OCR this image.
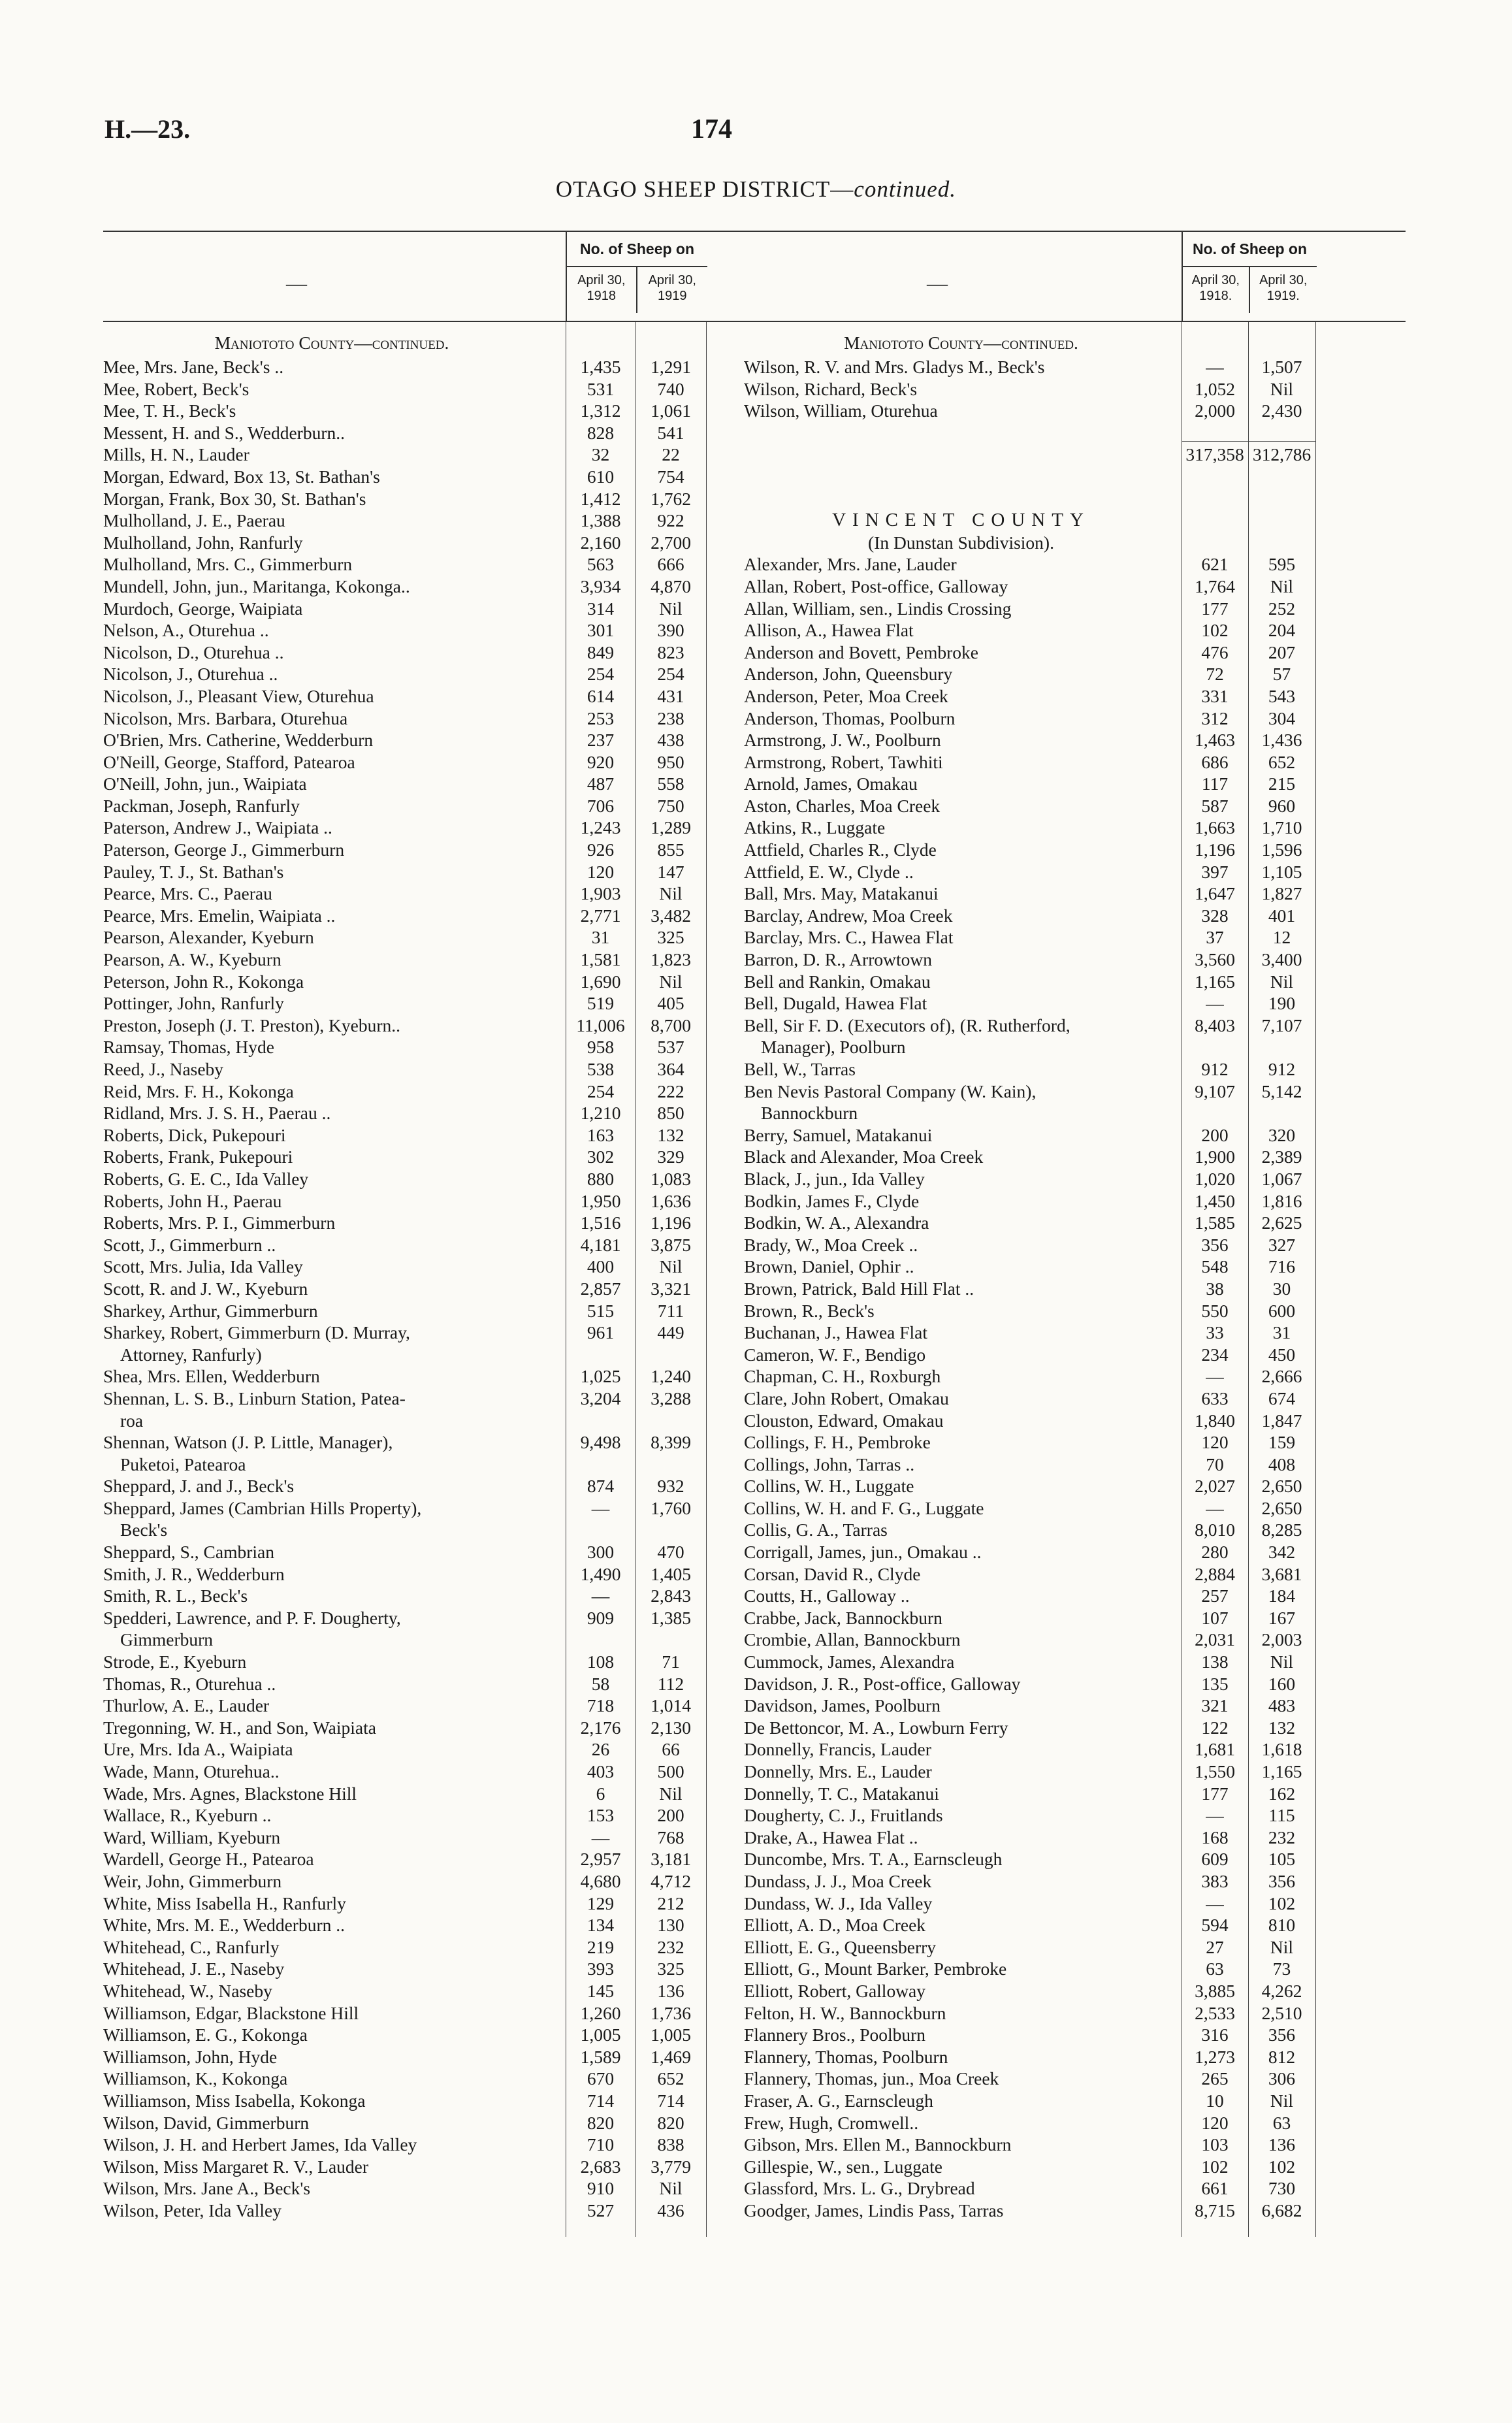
H.—23.	174
OTAGO SHEEP DISTRICT—continued.
—
No. of Sheep on
April 30, 1918
April 30, 1919
Maniototo County—continued.
Mee, Mrs. Jane, Beck's ..	1,435	1,291
Mee, Robert, Beck's	531	740
Mee, T. H., Beck's	1,312	1,061
Messent, H. and S., Wedderburn..	828	541
Mills, H. N., Lauder	32	22
Morgan, Edward, Box 13, St. Bathan's	610	754
Morgan, Frank, Box 30, St. Bathan's	1,412	1,762
Mulholland, J. E., Paerau	1,388	922
Mulholland, John, Ranfurly	2,160	2,700
Mulholland, Mrs. C., Gimmerburn	563	666
Mundell, John, jun., Maritanga, Kokonga..	3,934	4,870
Murdoch, George, Waipiata	314	Nil
Nelson, A., Oturehua ..	301	390
Nicolson, D., Oturehua ..	849	823
Nicolson, J., Oturehua ..	254	254
Nicolson, J., Pleasant View, Oturehua	614	431
Nicolson, Mrs. Barbara, Oturehua	253	238
O'Brien, Mrs. Catherine, Wedderburn	237	438
O'Neill, George, Stafford, Patearoa	920	950
O'Neill, John, jun., Waipiata	487	558
Packman, Joseph, Ranfurly	706	750
Paterson, Andrew J., Waipiata ..	1,243	1,289
Paterson, George J., Gimmerburn	926	855
Pauley, T. J., St. Bathan's	120	147
Pearce, Mrs. C., Paerau	1,903	Nil
Pearce, Mrs. Emelin, Waipiata ..	2,771	3,482
Pearson, Alexander, Kyeburn	31	325
Pearson, A. W., Kyeburn	1,581	1,823
Peterson, John R., Kokonga	1,690	Nil
Pottinger, John, Ranfurly	519	405
Preston, Joseph (J. T. Preston), Kyeburn..	11,006	8,700
Ramsay, Thomas, Hyde	958	537
Reed, J., Naseby	538	364
Reid, Mrs. F. H., Kokonga	254	222
Ridland, Mrs. J. S. H., Paerau ..	1,210	850
Roberts, Dick, Pukepouri	163	132
Roberts, Frank, Pukepouri	302	329
Roberts, G. E. C., Ida Valley	880	1,083
Roberts, John H., Paerau	1,950	1,636
Roberts, Mrs. P. I., Gimmerburn	1,516	1,196
Scott, J., Gimmerburn ..	4,181	3,875
Scott, Mrs. Julia, Ida Valley	400	Nil
Scott, R. and J. W., Kyeburn	2,857	3,321
Sharkey, Arthur, Gimmerburn	515	711
Sharkey, Robert, Gimmerburn (D. Murray,	961	449
Attorney, Ranfurly)
Shea, Mrs. Ellen, Wedderburn	1,025	1,240
Shennan, L. S. B., Linburn Station, Patea-	3,204	3,288
roa
Shennan, Watson (J. P. Little, Manager),	9,498	8,399
Puketoi, Patearoa
Sheppard, J. and J., Beck's	874	932
Sheppard, James (Cambrian Hills Property),	—	1,760
Beck's
Sheppard, S., Cambrian	300	470
Smith, J. R., Wedderburn	1,490	1,405
Smith, R. L., Beck's	—	2,843
Spedderi, Lawrence, and P. F. Dougherty,	909	1,385
Gimmerburn
Strode, E., Kyeburn	108	71
Thomas, R., Oturehua ..	58	112
Thurlow, A. E., Lauder	718	1,014
Tregonning, W. H., and Son, Waipiata	2,176	2,130
Ure, Mrs. Ida A., Waipiata	26	66
Wade, Mann, Oturehua..	403	500
Wade, Mrs. Agnes, Blackstone Hill	6	Nil
Wallace, R., Kyeburn ..	153	200
Ward, William, Kyeburn	—	768
Wardell, George H., Patearoa	2,957	3,181
Weir, John, Gimmerburn	4,680	4,712
White, Miss Isabella H., Ranfurly	129	212
White, Mrs. M. E., Wedderburn ..	134	130
Whitehead, C., Ranfurly	219	232
Whitehead, J. E., Naseby	393	325
Whitehead, W., Naseby	145	136
Williamson, Edgar, Blackstone Hill	1,260	1,736
Williamson, E. G., Kokonga	1,005	1,005
Williamson, John, Hyde	1,589	1,469
Williamson, K., Kokonga	670	652
Williamson, Miss Isabella, Kokonga	714	714
Wilson, David, Gimmerburn	820	820
Wilson, J. H. and Herbert James, Ida Valley	710	838
Wilson, Miss Margaret R. V., Lauder	2,683	3,779
Wilson, Mrs. Jane A., Beck's	910	Nil
Wilson, Peter, Ida Valley	527	436
—
No. of Sheep on
April 30, 1918.
April 30, 1919.
Maniototo County—continued.
Wilson, R. V. and Mrs. Gladys M., Beck's	—	1,507
Wilson, Richard, Beck's	1,052	Nil
Wilson, William, Oturehua	2,000	2,430
317,358 312,786
VINCENT COUNTY
(In Dunstan Subdivision).
Alexander, Mrs. Jane, Lauder	621	595
Allan, Robert, Post-office, Galloway	1,764	Nil
Allan, William, sen., Lindis Crossing	177	252
Allison, A., Hawea Flat	102	204
Anderson and Bovett, Pembroke	476	207
Anderson, John, Queensbury	72	57
Anderson, Peter, Moa Creek	331	543
Anderson, Thomas, Poolburn	312	304
Armstrong, J. W., Poolburn	1,463	1,436
Armstrong, Robert, Tawhiti	686	652
Arnold, James, Omakau	117	215
Aston, Charles, Moa Creek	587	960
Atkins, R., Luggate	1,663	1,710
Attfield, Charles R., Clyde	1,196	1,596
Attfield, E. W., Clyde ..	397	1,105
Ball, Mrs. May, Matakanui	1,647	1,827
Barclay, Andrew, Moa Creek	328	401
Barclay, Mrs. C., Hawea Flat	37	12
Barron, D. R., Arrowtown	3,560	3,400
Bell and Rankin, Omakau	1,165	Nil
Bell, Dugald, Hawea Flat	—	190
Bell, Sir F. D. (Executors of), (R. Rutherford,	8,403	7,107
Manager), Poolburn
Bell, W., Tarras	912	912
Ben Nevis Pastoral Company (W. Kain),	9,107	5,142
Bannockburn
Berry, Samuel, Matakanui	200	320
Black and Alexander, Moa Creek	1,900	2,389
Black, J., jun., Ida Valley	1,020	1,067
Bodkin, James F., Clyde	1,450	1,816
Bodkin, W. A., Alexandra	1,585	2,625
Brady, W., Moa Creek ..	356	327
Brown, Daniel, Ophir ..	548	716
Brown, Patrick, Bald Hill Flat ..	38	30
Brown, R., Beck's	550	600
Buchanan, J., Hawea Flat	33	31
Cameron, W. F., Bendigo	234	450
Chapman, C. H., Roxburgh	—	2,666
Clare, John Robert, Omakau	633	674
Clouston, Edward, Omakau	1,840	1,847
Collings, F. H., Pembroke	120	159
Collings, John, Tarras ..	70	408
Collins, W. H., Luggate	2,027	2,650
Collins, W. H. and F. G., Luggate	—	2,650
Collis, G. A., Tarras	8,010	8,285
Corrigall, James, jun., Omakau ..	280	342
Corsan, David R., Clyde	2,884	3,681
Coutts, H., Galloway ..	257	184
Crabbe, Jack, Bannockburn	107	167
Crombie, Allan, Bannockburn	2,031	2,003
Cummock, James, Alexandra	138	Nil
Davidson, J. R., Post-office, Galloway	135	160
Davidson, James, Poolburn	321	483
De Bettoncor, M. A., Lowburn Ferry	122	132
Donnelly, Francis, Lauder	1,681	1,618
Donnelly, Mrs. E., Lauder	1,550	1,165
Donnelly, T. C., Matakanui	177	162
Dougherty, C. J., Fruitlands	—	115
Drake, A., Hawea Flat ..	168	232
Duncombe, Mrs. T. A., Earnscleugh	609	105
Dundass, J. J., Moa Creek	383	356
Dundass, W. J., Ida Valley	—	102
Elliott, A. D., Moa Creek	594	810
Elliott, E. G., Queensberry	27	Nil
Elliott, G., Mount Barker, Pembroke	63	73
Elliott, Robert, Galloway	3,885	4,262
Felton, H. W., Bannockburn	2,533	2,510
Flannery Bros., Poolburn	316	356
Flannery, Thomas, Poolburn	1,273	812
Flannery, Thomas, jun., Moa Creek	265	306
Fraser, A. G., Earnscleugh	10	Nil
Frew, Hugh, Cromwell..	120	63
Gibson, Mrs. Ellen M., Bannockburn	103	136
Gillespie, W., sen., Luggate	102	102
Glassford, Mrs. L. G., Drybread	661	730
Goodger, James, Lindis Pass, Tarras	8,715	6,682
